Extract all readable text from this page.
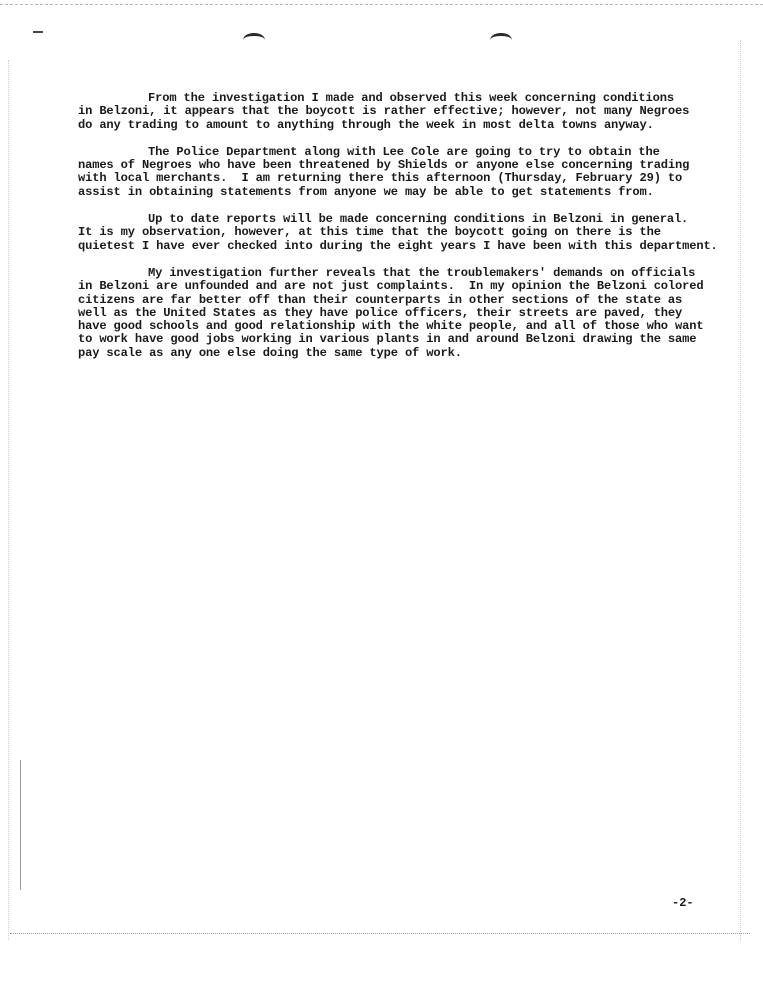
From the investigation I made and observed this week concerning conditions
in Belzoni, it appears that the boycott is rather effective; however, not many Negroes
do any trading to amount to anything through the week in most delta towns anyway.
The Police Department along with Lee Cole are going to try to obtain the
names of Negroes who have been threatened by Shields or anyone else concerning trading
with local merchants.  I am returning there this afternoon (Thursday, February 29) to
assist in obtaining statements from anyone we may be able to get statements from.
Up to date reports will be made concerning conditions in Belzoni in general.
It is my observation, however, at this time that the boycott going on there is the
quietest I have ever checked into during the eight years I have been with this department.
My investigation further reveals that the troublemakers' demands on officials
in Belzoni are unfounded and are not just complaints.  In my opinion the Belzoni colored
citizens are far better off than their counterparts in other sections of the state as
well as the United States as they have police officers, their streets are paved, they
have good schools and good relationship with the white people, and all of those who want
to work have good jobs working in various plants in and around Belzoni drawing the same
pay scale as any one else doing the same type of work.
-2-
